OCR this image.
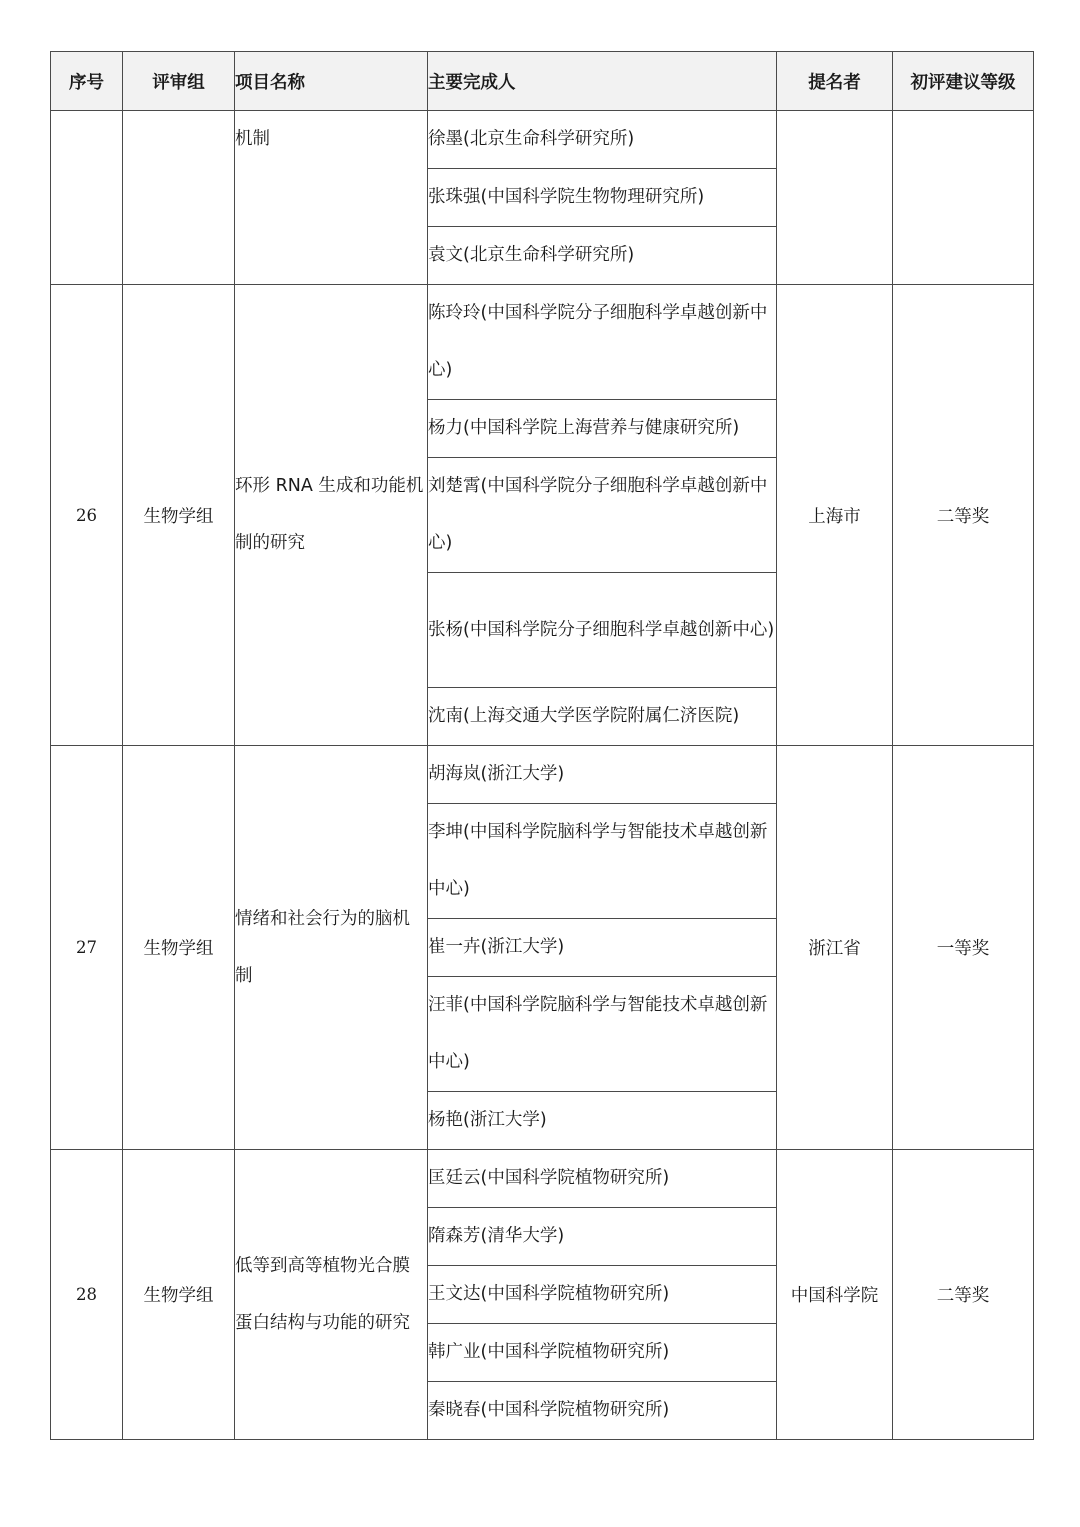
序号	评审组	项目名称	主要完成人	提名者	初评建议等级
		机制	徐墨(北京生命科学研究所)		
			张珠强(中国科学院生物物理研究所)		
			袁文(北京生命科学研究所)		
26	生物学组	环形 RNA 生成和功能机制的研究	陈玲玲(中国科学院分子细胞科学卓越创新中心)	上海市	二等奖
			杨力(中国科学院上海营养与健康研究所)		
			刘楚霄(中国科学院分子细胞科学卓越创新中心)		
			张杨(中国科学院分子细胞科学卓越创新中心)		
			沈南(上海交通大学医学院附属仁济医院)		
27	生物学组	情绪和社会行为的脑机制	胡海岚(浙江大学)	浙江省	一等奖
			李坤(中国科学院脑科学与智能技术卓越创新中心)		
			崔一卉(浙江大学)		
			汪菲(中国科学院脑科学与智能技术卓越创新中心)		
			杨艳(浙江大学)		
28	生物学组	低等到高等植物光合膜蛋白结构与功能的研究	匡廷云(中国科学院植物研究所)	中国科学院	二等奖
			隋森芳(清华大学)		
			王文达(中国科学院植物研究所)		
			韩广业(中国科学院植物研究所)		
			秦晓春(中国科学院植物研究所)		
